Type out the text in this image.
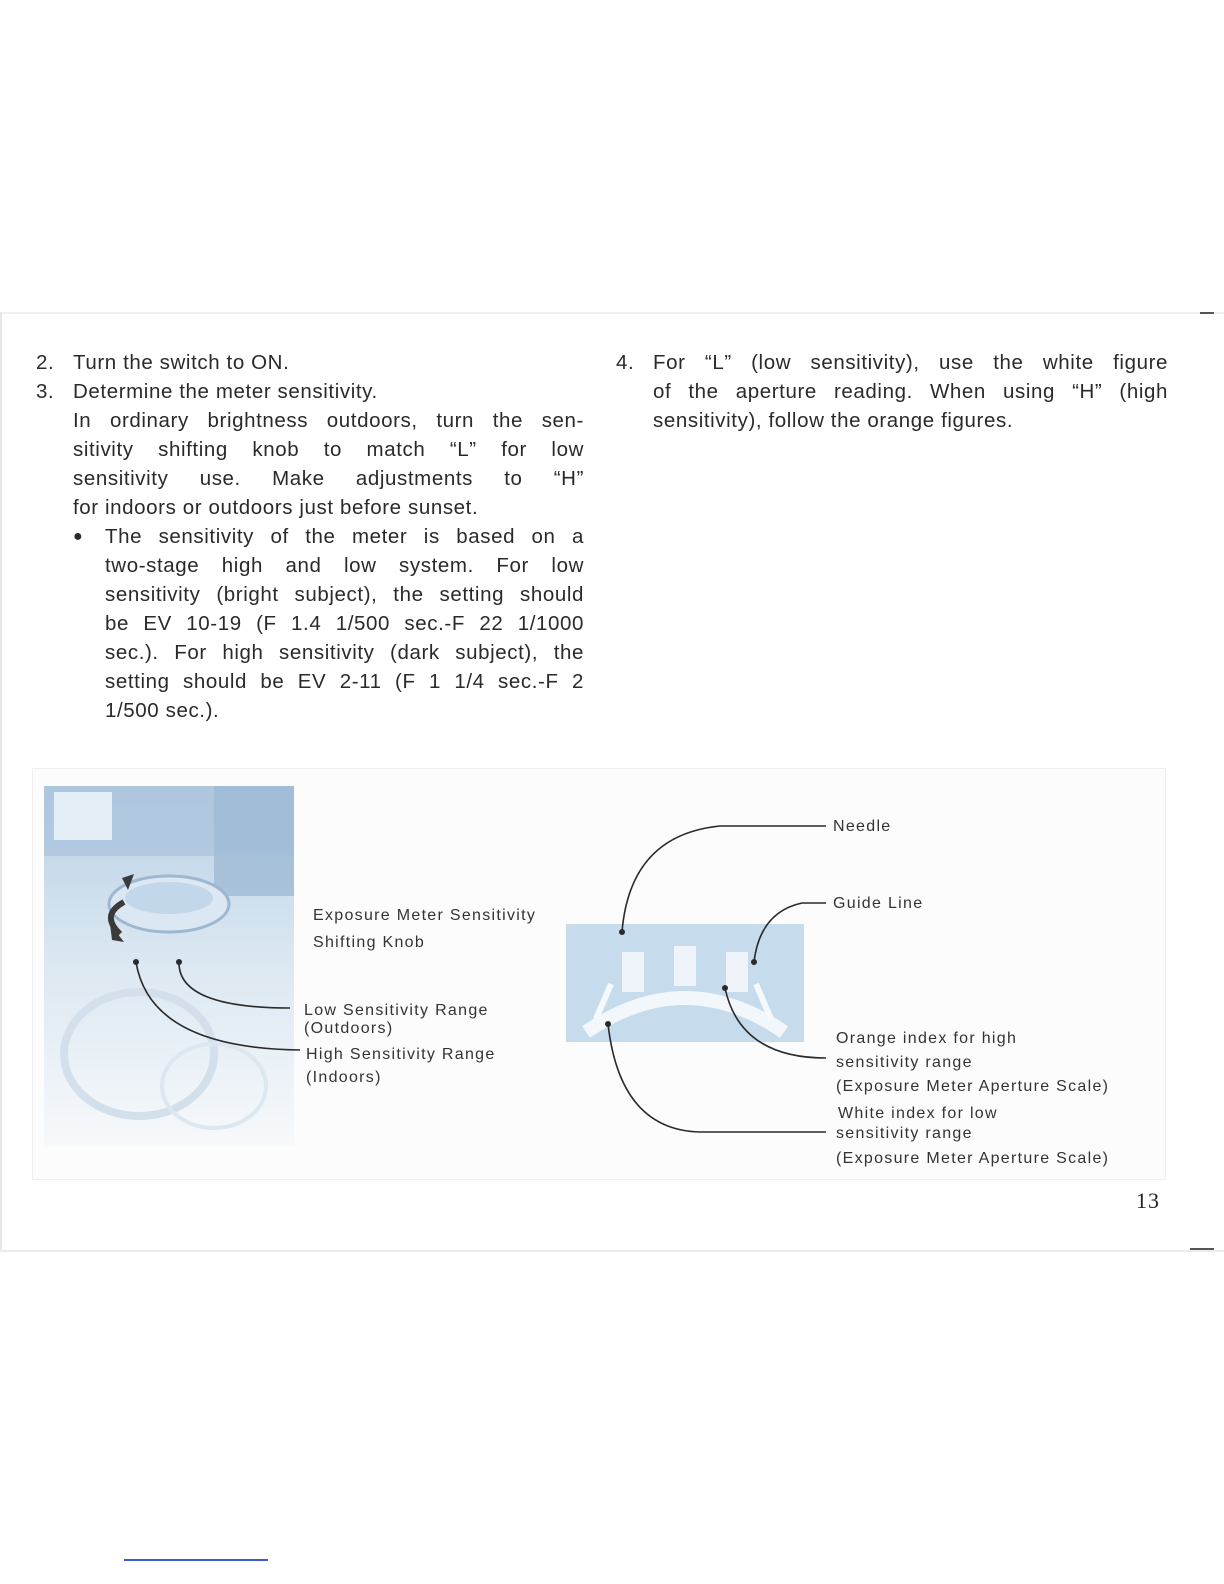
2. Turn the switch to ON.
3. Determine the meter sensitivity.
In ordinary brightness outdoors, turn the sen-
sitivity shifting knob to match “L” for low
sensitivity use. Make adjustments to “H”
for indoors or outdoors just before sunset.
●	The sensitivity of the meter is based on a
two-stage high and low system. For low
sensitivity (bright subject), the setting should
be EV 10-19 (F 1.4 1/500 sec.-F 22 1/1000
sec.). For high sensitivity (dark subject), the
setting should be EV 2-11 (F 1 1/4 sec.-F 2
1/500 sec.).
4. For “L” (low sensitivity), use the white figure
of the aperture reading. When using “H” (high
sensitivity), follow the orange figures.
Exposure Meter Sensitivity
Shifting Knob
Low Sensitivity Range
(Outdoors)
High Sensitivity Range
(Indoors)
Needle
Guide Line
Orange index for high
sensitivity range
(Exposure Meter Aperture Scale)
White index for low
sensitivity range
(Exposure Meter Aperture Scale)
13
